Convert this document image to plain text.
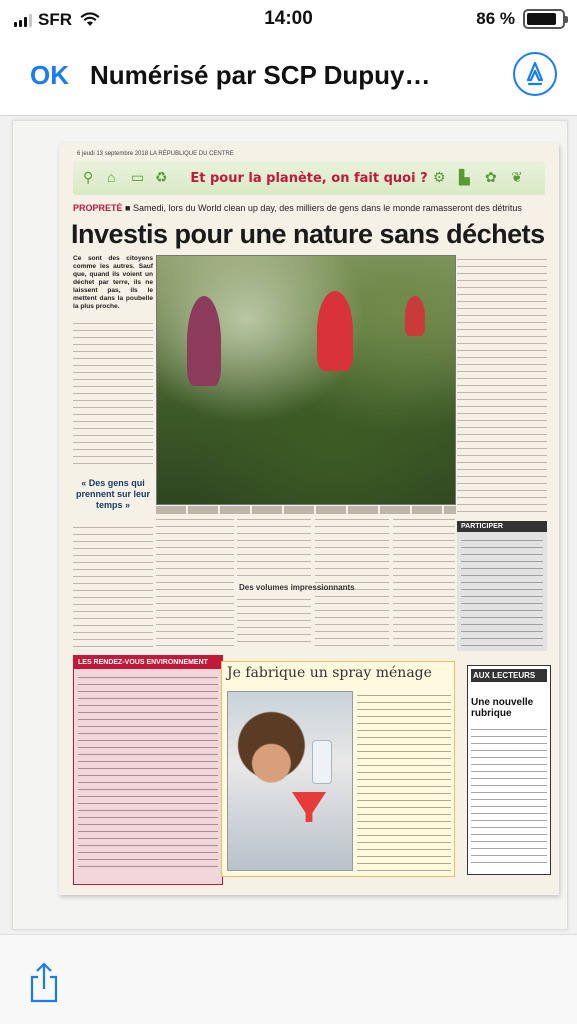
SFR	14:00	86 %
OK Numérisé par SCP Dupuy…
6 jeudi 13 septembre 2018 LA RÉPUBLIQUE DU CENTRE
⚲ ⌂ ▭ ♻ Et pour la planète, on fait quoi ? ⚙ ▙ ✿ ❦
PROPRETÉ ■ Samedi, lors du World clean up day, des milliers de gens dans le monde ramasseront des détritus
Investis pour une nature sans déchets
Ce sont des citoyens comme les autres. Sauf que, quand ils voient un déchet par terre, ils ne laissent pas, ils le mettent dans la poubelle la plus proche.
« Des gens qui prennent sur leur temps »
Des volumes impressionnants
PARTICIPER
LES RENDEZ-VOUS ENVIRONNEMENT
Je fabrique un spray ménage	AUX LECTEURS
Une nouvelle rubrique
